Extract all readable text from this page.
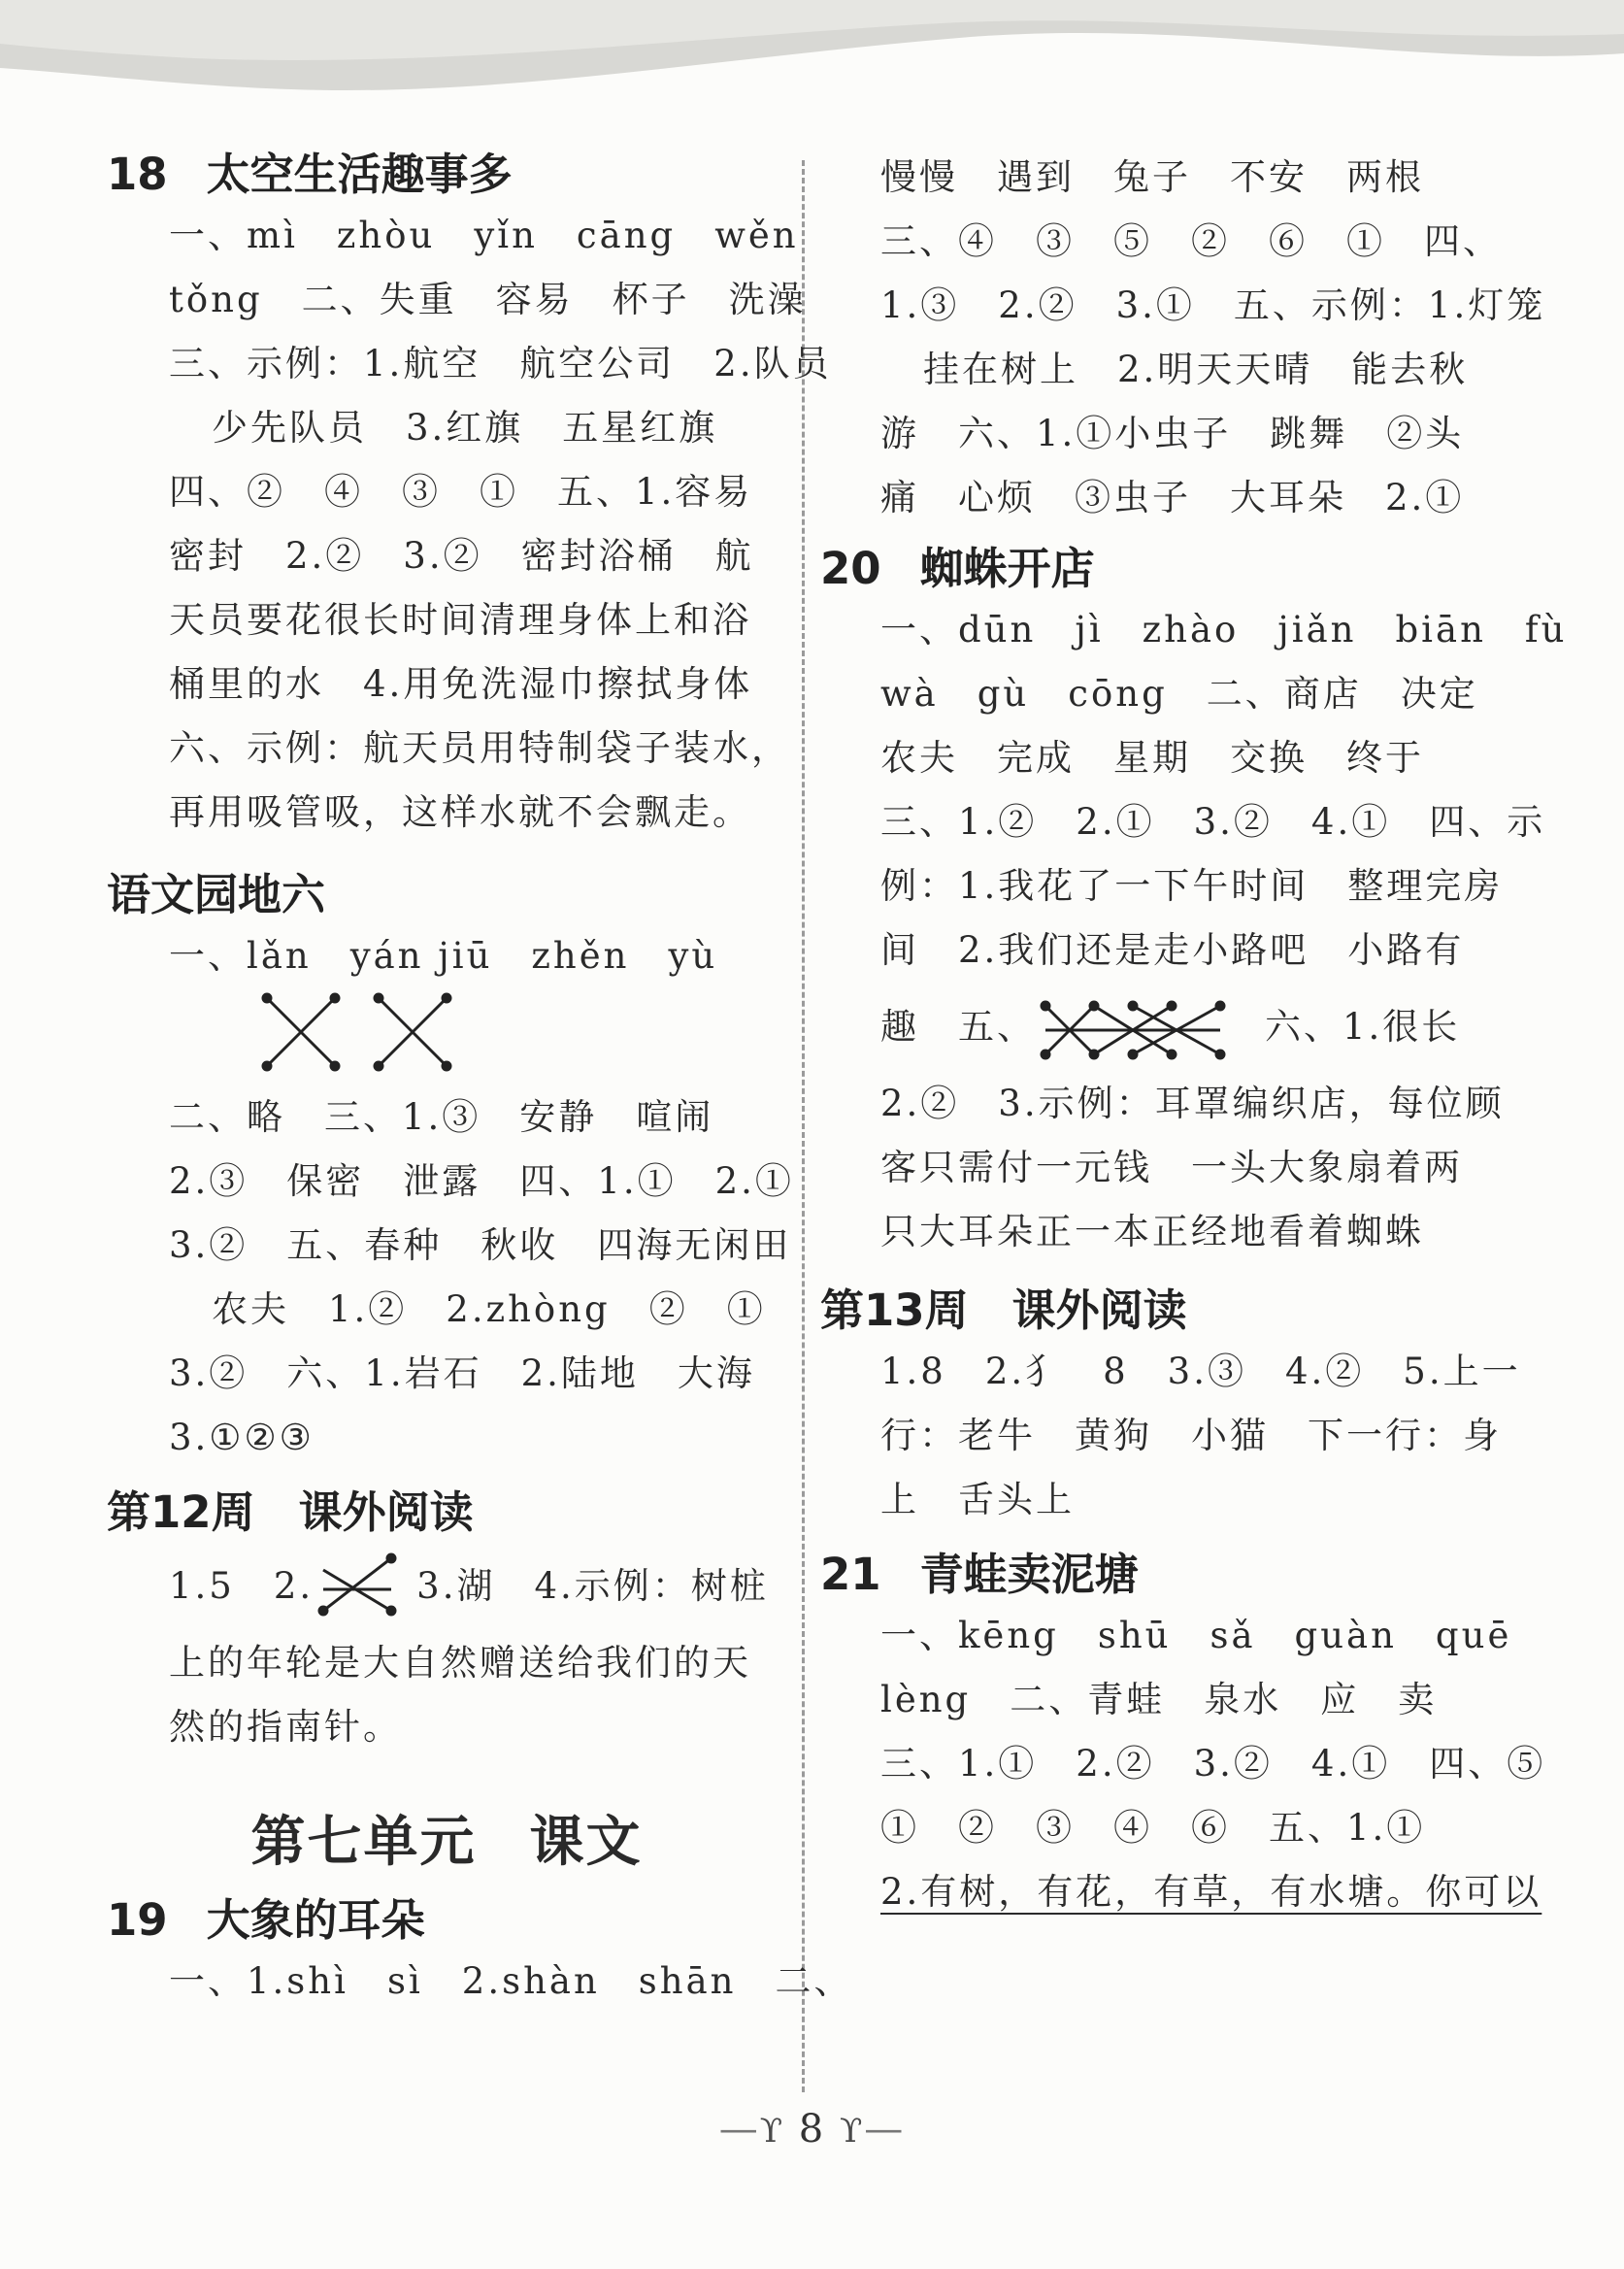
18 太空生活趣事多
一、mì　zhòu　yǐn　cāng　wěn
tǒng　二、失重　容易　杯子　洗澡
三、示例：1.航空　航空公司　2.队员
少先队员　3.红旗　五星红旗
四、②　④　③　①　五、1.容易
密封　2.②　3.②　密封浴桶　航
天员要花很长时间清理身体上和浴
桶里的水　4.用免洗湿巾擦拭身体
六、示例：航天员用特制袋子装水，
再用吸管吸，这样水就不会飘走。
语文园地六
一、lǎn　yán jiū　zhěn　yù
二、略　三、1.③　安静　喧闹
2.③　保密　泄露　四、1.①　2.①
3.②　五、春种　秋收　四海无闲田
农夫　1.②　2.zhòng　②　①
3.②　六、1.岩石　2.陆地　大海
3.①②③
第12周　课外阅读
1.5　2.	3.湖　4.示例：树桩
上的年轮是大自然赠送给我们的天
然的指南针。
第七单元 课文
19 大象的耳朵
一、1.shì　sì　2.shàn　shān　二、
慢慢　遇到　兔子　不安　两根
三、④　③　⑤　②　⑥　①　四、
1.③　2.②　3.①　五、示例：1.灯笼
挂在树上　2.明天天晴　能去秋
游　六、1.①小虫子　跳舞　②头
痛　心烦　③虫子　大耳朵　2.①
20 蜘蛛开店
一、dūn　jì　zhào　jiǎn　biān　fù
wà　gù　cōng　二、商店　决定
农夫　完成　星期　交换　终于
三、1.②　2.①　3.②　4.①　四、示
例：1.我花了一下午时间　整理完房
间　2.我们还是走小路吧　小路有
趣　五、	六、1.很长
2.②　3.示例：耳罩编织店，每位顾
客只需付一元钱　一头大象扇着两
只大耳朵正一本正经地看着蜘蛛
第13周　课外阅读
1.8　2.犭　8　3.③　4.②　5.上一
行：老牛　黄狗　小猫　下一行：身
上　舌头上
21 青蛙卖泥塘
一、kēng　shū　sǎ　guàn　quē
lèng　二、青蛙　泉水　应　卖
三、1.①　2.②　3.②　4.①　四、⑤
①　②　③　④　⑥　五、1.①
2.有树，有花，有草，有水塘。你可以
—ϒ 8 ϒ—
